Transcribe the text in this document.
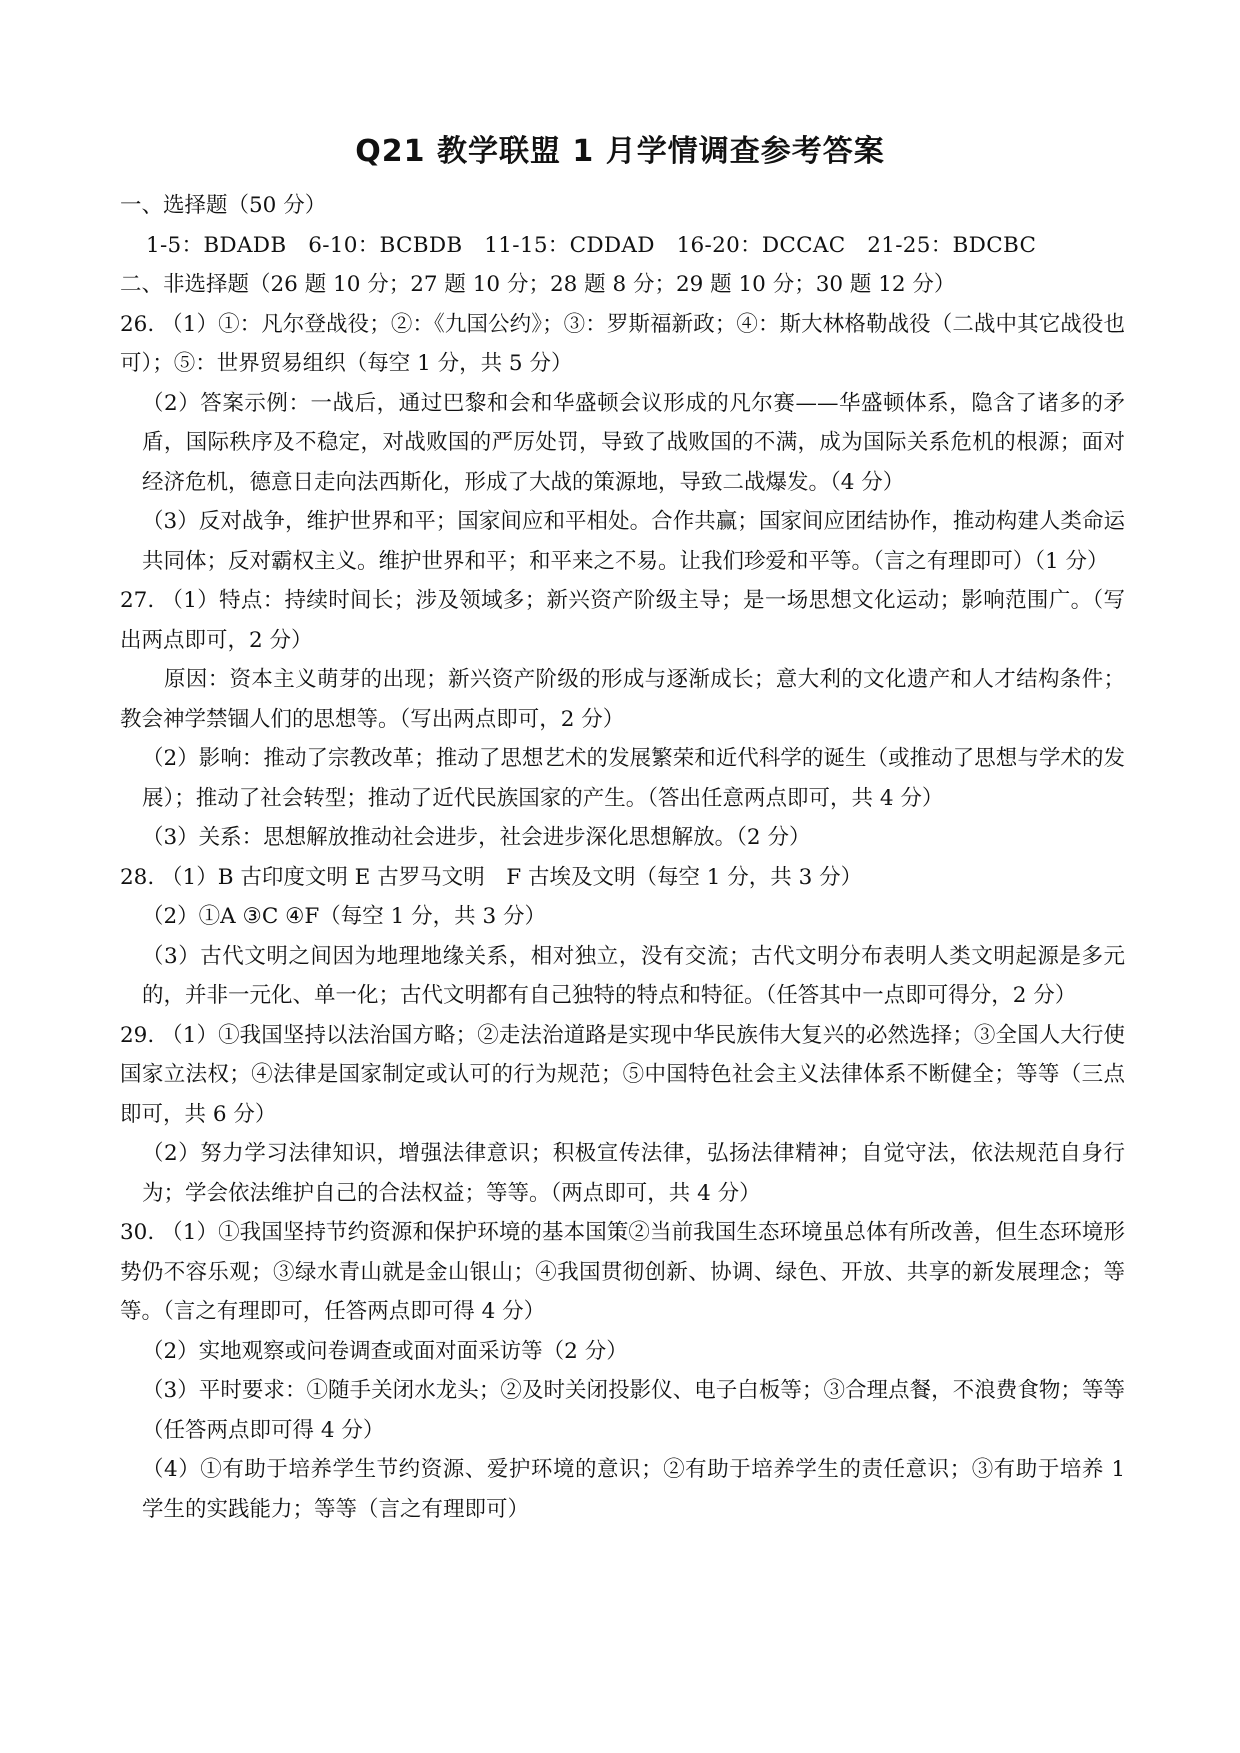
Q21 教学联盟 1 月学情调查参考答案

一、选择题（50 分）

1-5：BDADB　6-10：BCBDB　11-15：CDDAD　16-20：DCCAC　21-25：BDCBC

二、非选择题（26 题 10 分；27 题 10 分；28 题 8 分；29 题 10 分；30 题 12 分）

26. （1）①：凡尔登战役；②：《九国公约》；③：罗斯福新政；④：斯大林格勒战役（二战中其它战役也可）；⑤：世界贸易组织（每空 1 分，共 5 分）

（2）答案示例：一战后，通过巴黎和会和华盛顿会议形成的凡尔赛——华盛顿体系，隐含了诸多的矛盾，国际秩序及不稳定，对战败国的严厉处罚，导致了战败国的不满，成为国际关系危机的根源；面对经济危机，德意日走向法西斯化，形成了大战的策源地，导致二战爆发。（4 分）

（3）反对战争，维护世界和平；国家间应和平相处。合作共赢；国家间应团结协作，推动构建人类命运共同体；反对霸权主义。维护世界和平；和平来之不易。让我们珍爱和平等。（言之有理即可）（1 分）

27. （1）特点：持续时间长；涉及领域多；新兴资产阶级主导；是一场思想文化运动；影响范围广。（写出两点即可，2 分）

原因：资本主义萌芽的出现；新兴资产阶级的形成与逐渐成长；意大利的文化遗产和人才结构条件；教会神学禁锢人们的思想等。（写出两点即可，2 分）

（2）影响：推动了宗教改革；推动了思想艺术的发展繁荣和近代科学的诞生（或推动了思想与学术的发展）；推动了社会转型；推动了近代民族国家的产生。（答出任意两点即可，共 4 分）

（3）关系：思想解放推动社会进步，社会进步深化思想解放。（2 分）

28. （1）B 古印度文明 E 古罗马文明　F 古埃及文明（每空 1 分，共 3 分）

（2）①A ③C ④F（每空 1 分，共 3 分）

（3）古代文明之间因为地理地缘关系，相对独立，没有交流；古代文明分布表明人类文明起源是多元的，并非一元化、单一化；古代文明都有自己独特的特点和特征。（任答其中一点即可得分，2 分）

29. （1）①我国坚持以法治国方略；②走法治道路是实现中华民族伟大复兴的必然选择；③全国人大行使国家立法权；④法律是国家制定或认可的行为规范；⑤中国特色社会主义法律体系不断健全；等等（三点即可，共 6 分）

（2）努力学习法律知识，增强法律意识；积极宣传法律，弘扬法律精神；自觉守法，依法规范自身行为；学会依法维护自己的合法权益；等等。（两点即可，共 4 分）

30. （1）①我国坚持节约资源和保护环境的基本国策②当前我国生态环境虽总体有所改善，但生态环境形势仍不容乐观；③绿水青山就是金山银山；④我国贯彻创新、协调、绿色、开放、共享的新发展理念；等等。（言之有理即可，任答两点即可得 4 分）

（2）实地观察或问卷调查或面对面采访等（2 分）

（3）平时要求：①随手关闭水龙头；②及时关闭投影仪、电子白板等；③合理点餐，不浪费食物；等等（任答两点即可得 4 分）

（4）①有助于培养学生节约资源、爱护环境的意识；②有助于培养学生的责任意识；③有助于培养 1 学生的实践能力；等等（言之有理即可）
